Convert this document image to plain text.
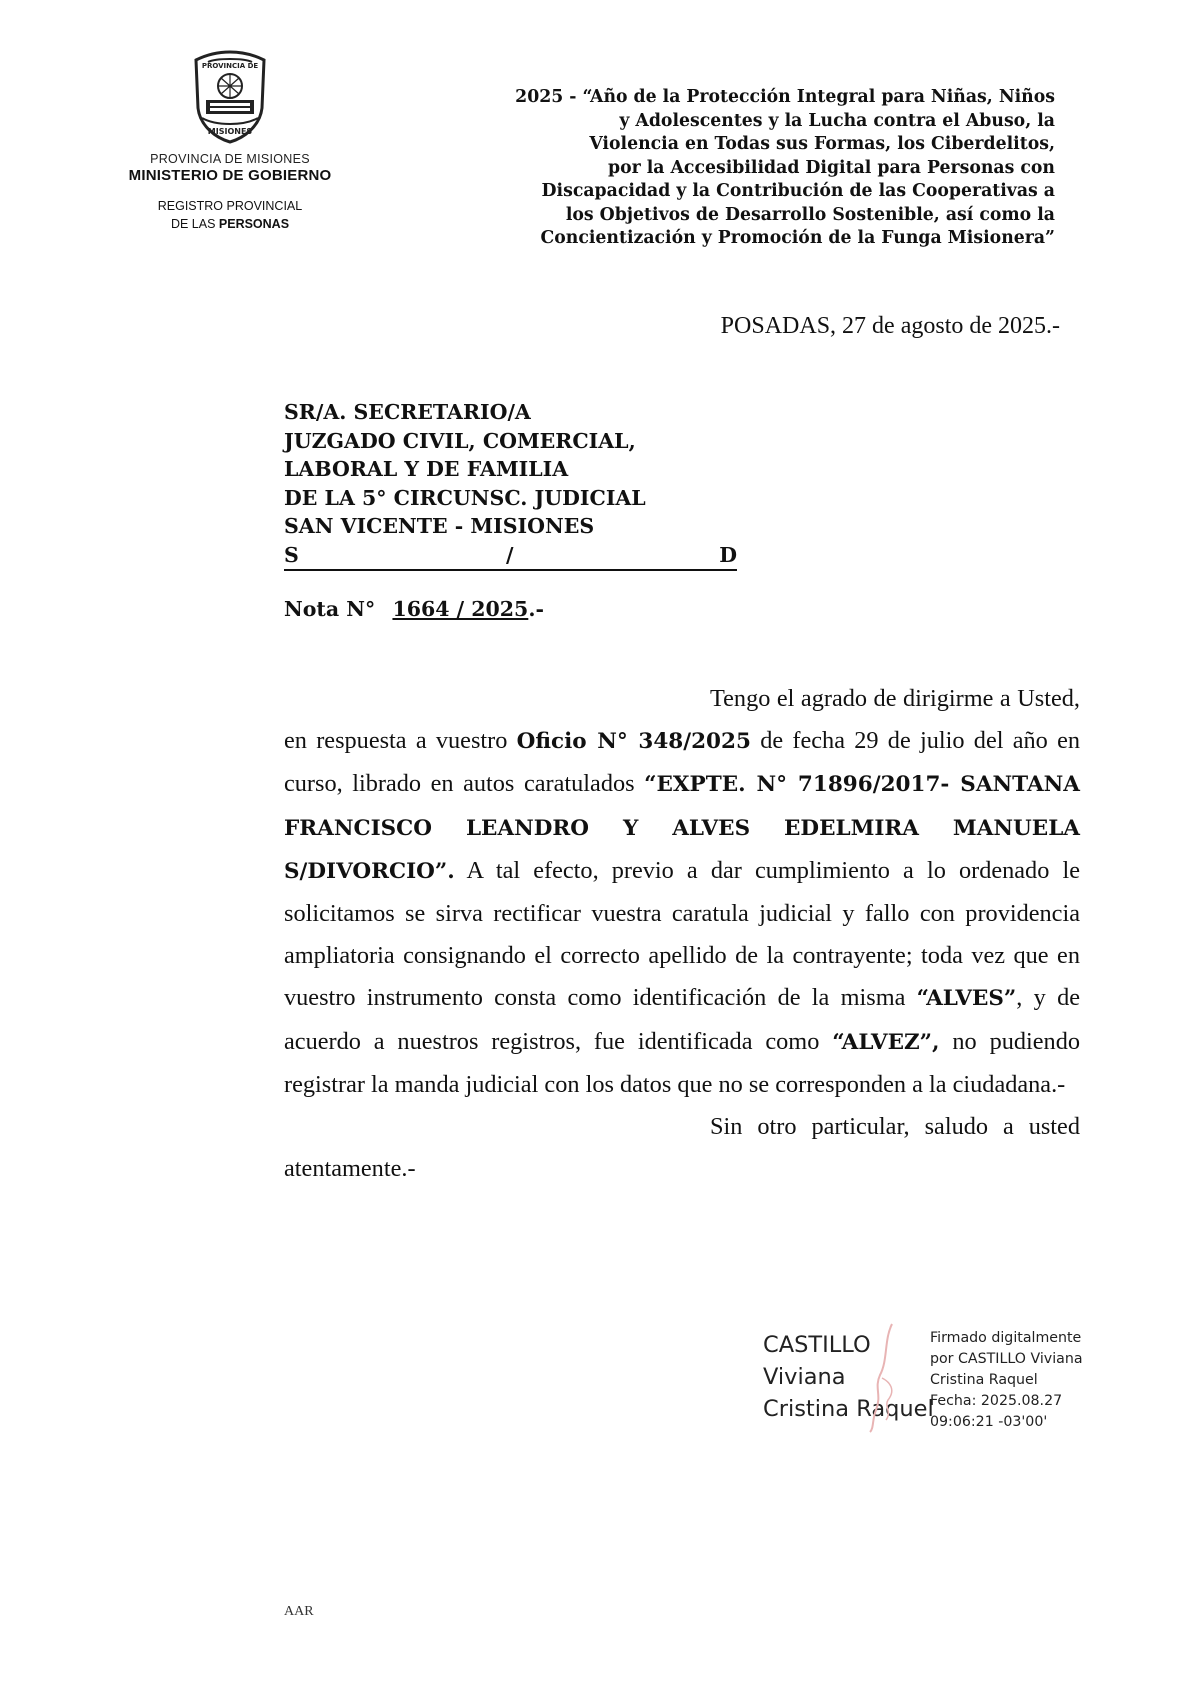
PROVINCIA DE
MISIONES
PROVINCIA DE MISIONES
MINISTERIO DE GOBIERNO
REGISTRO PROVINCIAL
DE LAS PERSONAS
2025 - “Año de la Protección Integral para Niñas, Niños
y Adolescentes y la Lucha contra el Abuso, la
Violencia en Todas sus Formas, los Ciberdelitos,
por la Accesibilidad Digital para Personas con
Discapacidad y la Contribución de las Cooperativas a
los Objetivos de Desarrollo Sostenible, así como la
Concientización y Promoción de la Funga Misionera”
POSADAS, 27 de agosto de 2025.-
SR/A. SECRETARIO/A
JUZGADO CIVIL, COMERCIAL,
LABORAL Y DE FAMILIA
DE LA 5° CIRCUNSC. JUDICIAL
SAN VICENTE - MISIONES
S	/	D
Nota N° 1664 / 2025.-

Tengo el agrado de dirigirme a Usted, en respuesta a vuestro Oficio N° 348/2025 de fecha 29 de julio del año en curso, librado en autos caratulados “EXPTE. N° 71896/2017- SANTANA FRANCISCO LEANDRO Y ALVES EDELMIRA MANUELA S/DIVORCIO”. A tal efecto, previo a dar cumplimiento a lo ordenado le solicitamos se sirva rectificar vuestra caratula judicial y fallo con providencia ampliatoria consignando el correcto apellido de la contrayente; toda vez que en vuestro instrumento consta como identificación de la misma “ALVES”, y de acuerdo a nuestros registros, fue identificada como “ALVEZ”, no pudiendo registrar la manda judicial con los datos que no se corresponden a la ciudadana.-

Sin otro particular, saludo a usted atentamente.-

CASTILLO
Viviana
Cristina Raquel
Firmado digitalmente
por CASTILLO Viviana
Cristina Raquel
Fecha: 2025.08.27
09:06:21 -03'00'
AAR
